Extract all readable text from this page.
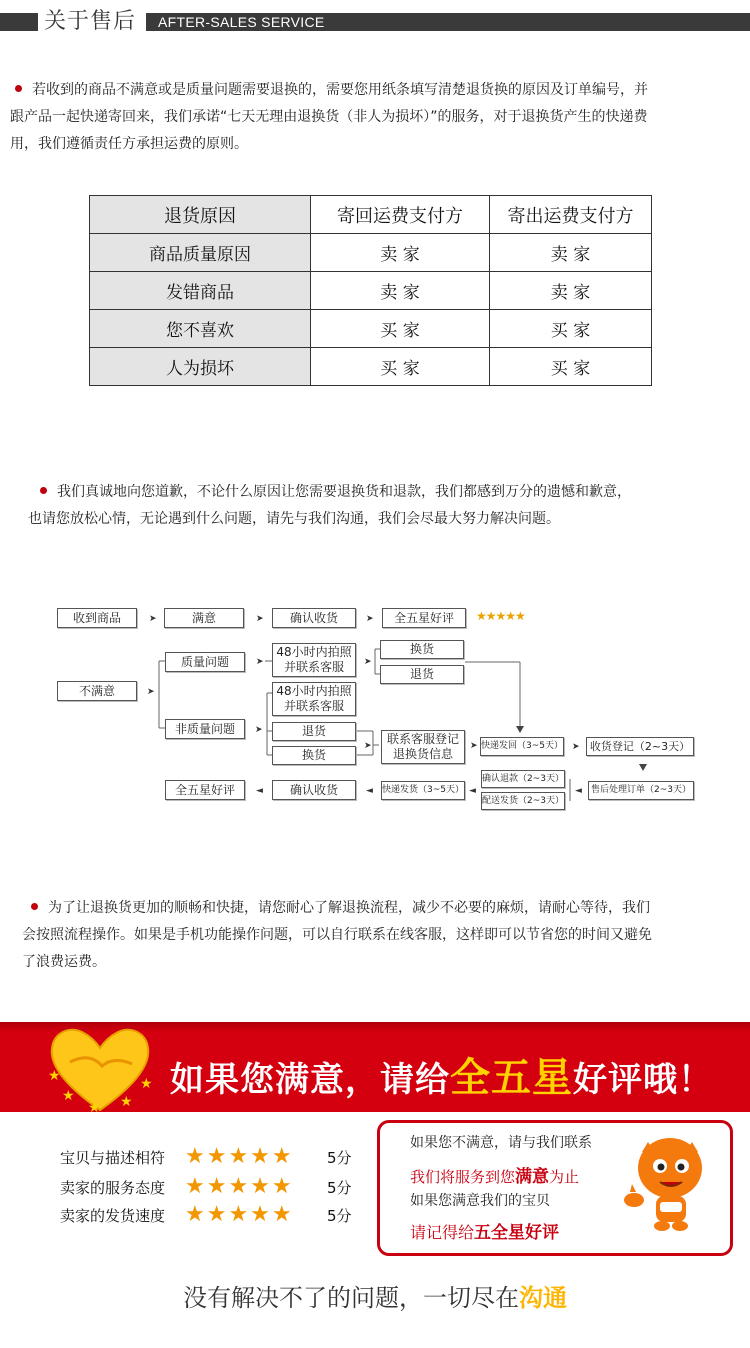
关于售后 AFTER-SALES SERVICE
若收到的商品不满意或是质量问题需要退换的，需要您用纸条填写清楚退货换的原因及订单编号，并
跟产品一起快递寄回来，我们承诺“七天无理由退换货（非人为损坏）”的服务，对于退换货产生的快递费
用，我们遵循责任方承担运费的原则。
退货原因	寄回运费支付方	寄出运费支付方
商品质量原因	卖 家	卖 家
发错商品	卖 家	卖 家
您不喜欢	买 家	买 家
人为损坏	买 家	买 家
我们真诚地向您道歉，不论什么原因让您需要退换货和退款，我们都感到万分的遗憾和歉意，
也请您放松心情，无论遇到什么问题，请先与我们沟通，我们会尽最大努力解决问题。
收到商品	➤	满意	➤	确认收货	➤	全五星好评	★★★★★
不满意	➤
质量问题	➤
48小时内拍照并联系客服	➤
换货
退货
非质量问题	➤
48小时内拍照并联系客服
退货
换货
➤	联系客服登记退换货信息
➤ 快递发回（3~5天） ➤ 收货登记（2~3天）
确认退款（2~3天）
配送发货（2~3天）
◄	售后处理订单（2~3天）
◄
快递发货（3~5天）
◄
确认收货
◄
全五星好评
为了让退换货更加的顺畅和快捷，请您耐心了解退换流程，减少不必要的麻烦，请耐心等待，我们
会按照流程操作。如果是手机功能操作问题，可以自行联系在线客服，这样即可以节省您的时间又避免
了浪费运费。
★
★
★ ★
★ 如果您满意，请给全五星好评哦！
宝贝与描述相符 ★★★★★	5分
卖家的服务态度 ★★★★★	5分
卖家的发货速度 ★★★★★	5分
如果您不满意，请与我们联系
我们将服务到您满意为止
如果您满意我们的宝贝
请记得给五全星好评
没有解决不了的问题，一切尽在沟通
